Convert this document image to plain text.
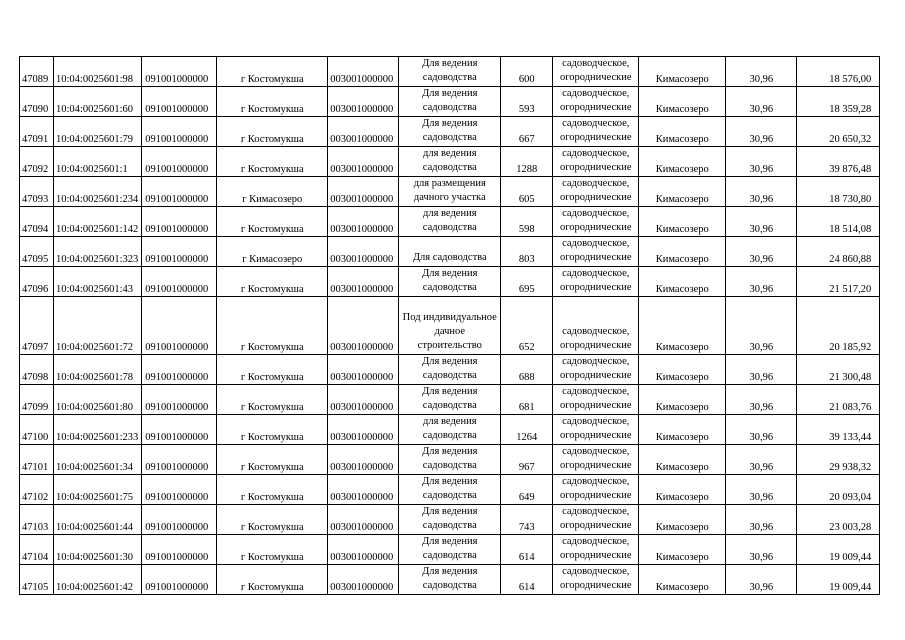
47089	10:04:0025601:98	091001000000	г Костомукша	003001000000	Для ведения садоводства	600	садоводческое, огороднические	Кимасозеро	30,96	18 576,00
47090	10:04:0025601:60	091001000000	г Костомукша	003001000000	Для ведения садоводства	593	садоводческое, огороднические	Кимасозеро	30,96	18 359,28
47091	10:04:0025601:79	091001000000	г Костомукша	003001000000	Для ведения садоводства	667	садоводческое, огороднические	Кимасозеро	30,96	20 650,32
47092	10:04:0025601:1	091001000000	г Костомукша	003001000000	для ведения садоводства	1288	садоводческое, огороднические	Кимасозеро	30,96	39 876,48
47093	10:04:0025601:234	091001000000	г Кимасозеро	003001000000	для размещения дачного участка	605	садоводческое, огороднические	Кимасозеро	30,96	18 730,80
47094	10:04:0025601:142	091001000000	г Костомукша	003001000000	для ведения садоводства	598	садоводческое, огороднические	Кимасозеро	30,96	18 514,08
47095	10:04:0025601:323	091001000000	г Кимасозеро	003001000000	Для садоводства	803	садоводческое, огороднические	Кимасозеро	30,96	24 860,88
47096	10:04:0025601:43	091001000000	г Костомукша	003001000000	Для ведения садоводства	695	садоводческое, огороднические	Кимасозеро	30,96	21 517,20
47097	10:04:0025601:72	091001000000	г Костомукша	003001000000	Под индивидуальное дачное строительство	652	садоводческое, огороднические	Кимасозеро	30,96	20 185,92
47098	10:04:0025601:78	091001000000	г Костомукша	003001000000	Для ведения садоводства	688	садоводческое, огороднические	Кимасозеро	30,96	21 300,48
47099	10:04:0025601:80	091001000000	г Костомукша	003001000000	Для ведения садоводства	681	садоводческое, огороднические	Кимасозеро	30,96	21 083,76
47100	10:04:0025601:233	091001000000	г Костомукша	003001000000	для ведения садоводства	1264	садоводческое, огороднические	Кимасозеро	30,96	39 133,44
47101	10:04:0025601:34	091001000000	г Костомукша	003001000000	Для ведения садоводства	967	садоводческое, огороднические	Кимасозеро	30,96	29 938,32
47102	10:04:0025601:75	091001000000	г Костомукша	003001000000	Для ведения садоводства	649	садоводческое, огороднические	Кимасозеро	30,96	20 093,04
47103	10:04:0025601:44	091001000000	г Костомукша	003001000000	Для ведения садоводства	743	садоводческое, огороднические	Кимасозеро	30,96	23 003,28
47104	10:04:0025601:30	091001000000	г Костомукша	003001000000	Для ведения садоводства	614	садоводческое, огороднические	Кимасозеро	30,96	19 009,44
47105	10:04:0025601:42	091001000000	г Костомукша	003001000000	Для ведения садоводства	614	садоводческое, огороднические	Кимасозеро	30,96	19 009,44
